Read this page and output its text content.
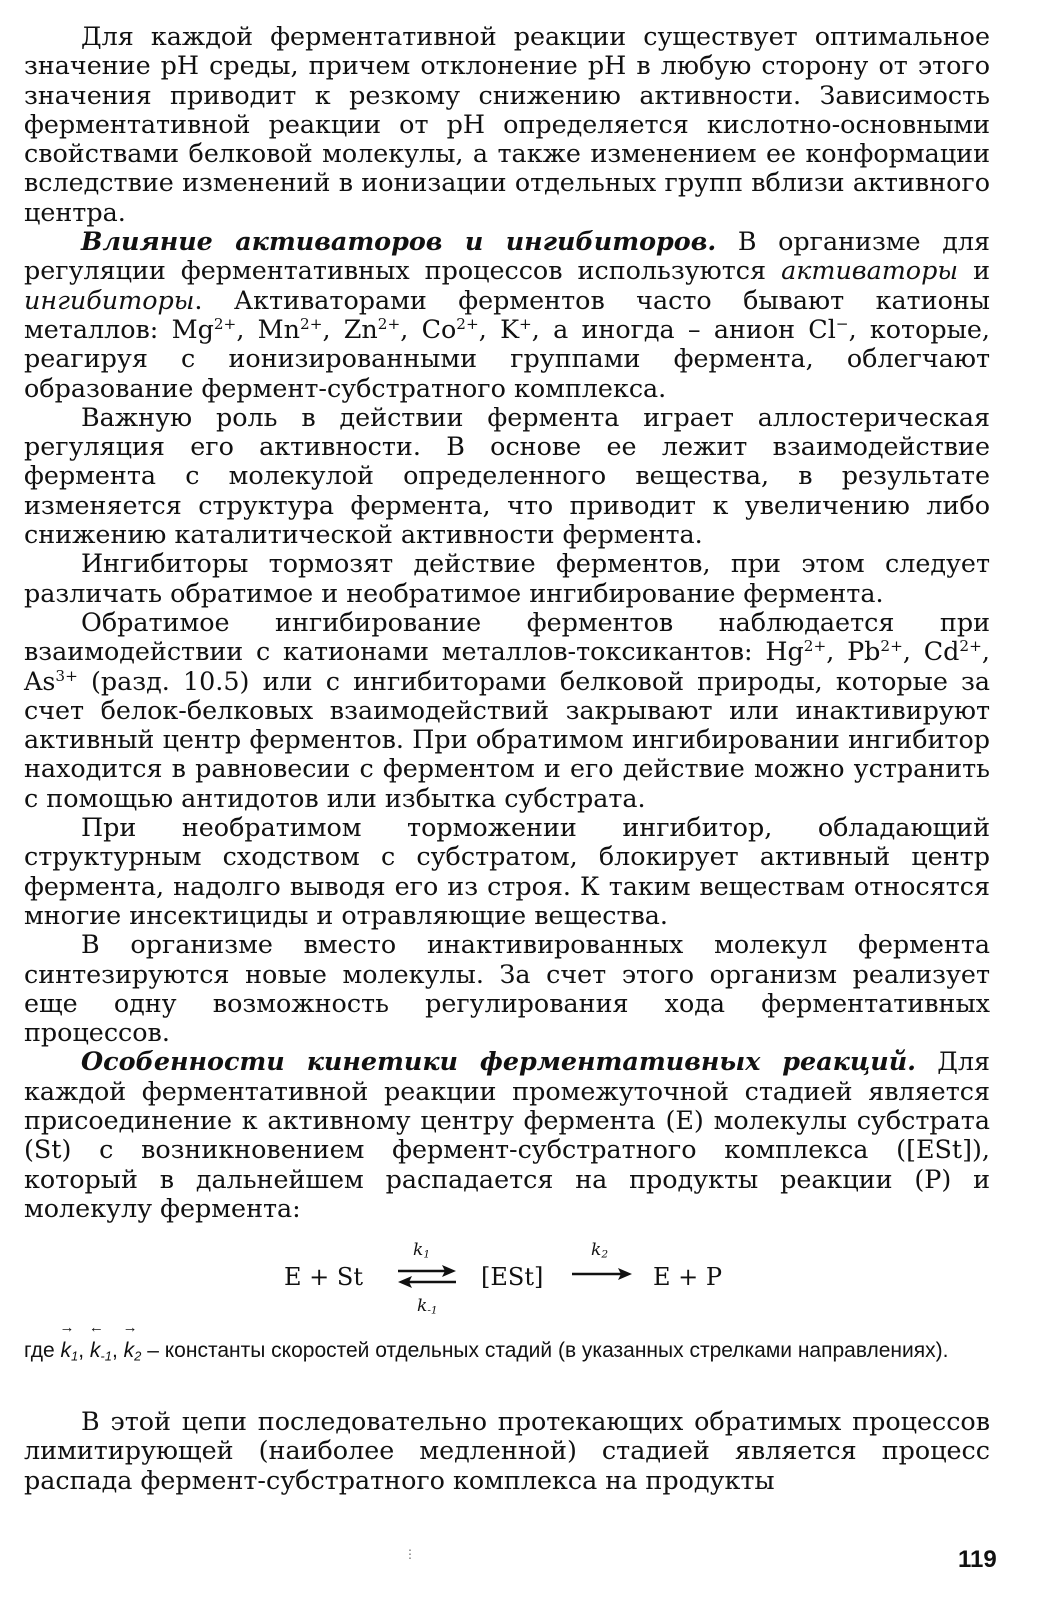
Для каждой ферментативной реакции существует оптимальное значение pH среды, причем отклонение pH в любую сторону от этого значения приводит к резкому снижению активности. Зависимость ферментативной реакции от pH определяется кислотно-основными свойствами белковой молекулы, а также изменением ее конформации вследствие изменений в ионизации отдельных групп вблизи активного центра.

Влияние активаторов и ингибиторов. В организме для регуляции ферментативных процессов используются активаторы и ингибиторы. Активаторами ферментов часто бывают катионы металлов: $Mg^{2+}$, $Mn^{2+}$, $Zn^{2+}$, $Co^{2+}$, K+, а иногда – анион Cl−, которые, реагируя с ионизированными группами фермента, облегчают образование фермент-субстратного комплекса.

Важную роль в действии фермента играет аллостерическая регуляция его активности. В основе ее лежит взаимодействие фермента с молекулой определенного вещества, в результате изменяется структура фермента, что приводит к увеличению либо снижению каталитической активности фермента.

Ингибиторы тормозят действие ферментов, при этом следует различать обратимое и необратимое ингибирование фермента.

Обратимое ингибирование ферментов наблюдается при взаимодействии с катионами металлов-токсикантов: $Hg^{2+}$, $Pb^{2+}$, $Cd^{2+}$, $As^{3+}$ (разд. 10.5) или с ингибиторами белковой природы, которые за счет белок-белковых взаимодействий закрывают или инактивируют активный центр ферментов. При обратимом ингибировании ингибитор находится в равновесии с ферментом и его действие можно устранить с помощью антидотов или избытка субстрата.

При необратимом торможении ингибитор, обладающий структурным сходством с субстратом, блокирует активный центр фермента, надолго выводя его из строя. К таким веществам относятся многие инсектициды и отравляющие вещества.

В организме вместо инактивированных молекул фермента синтезируются новые молекулы. За счет этого организм реализует еще одну возможность регулирования хода ферментативных процессов.

Особенности кинетики ферментативных реакций. Для каждой ферментативной реакции промежуточной стадией является присоединение к активному центру фермента (E) молекулы субстрата (St) с возникновением фермент-субстратного комплекса ([ESt]), который в дальнейшем распадается на продукты реакции (P) и молекулу фермента:

E + St
$k_1$
$k_{-1}$
[ESt]
$k_2$
E + P

где
→
$k_1$,
←
$k_{-1}$,
→
$k_2$ – константы скоростей отдельных стадий (в указанных стрелками направлениях).

В этой цепи последовательно протекающих обратимых процессов лимитирующей (наиболее медленной) стадией является процесс распада фермент-субстратного комплекса на продукты

⋮	119
